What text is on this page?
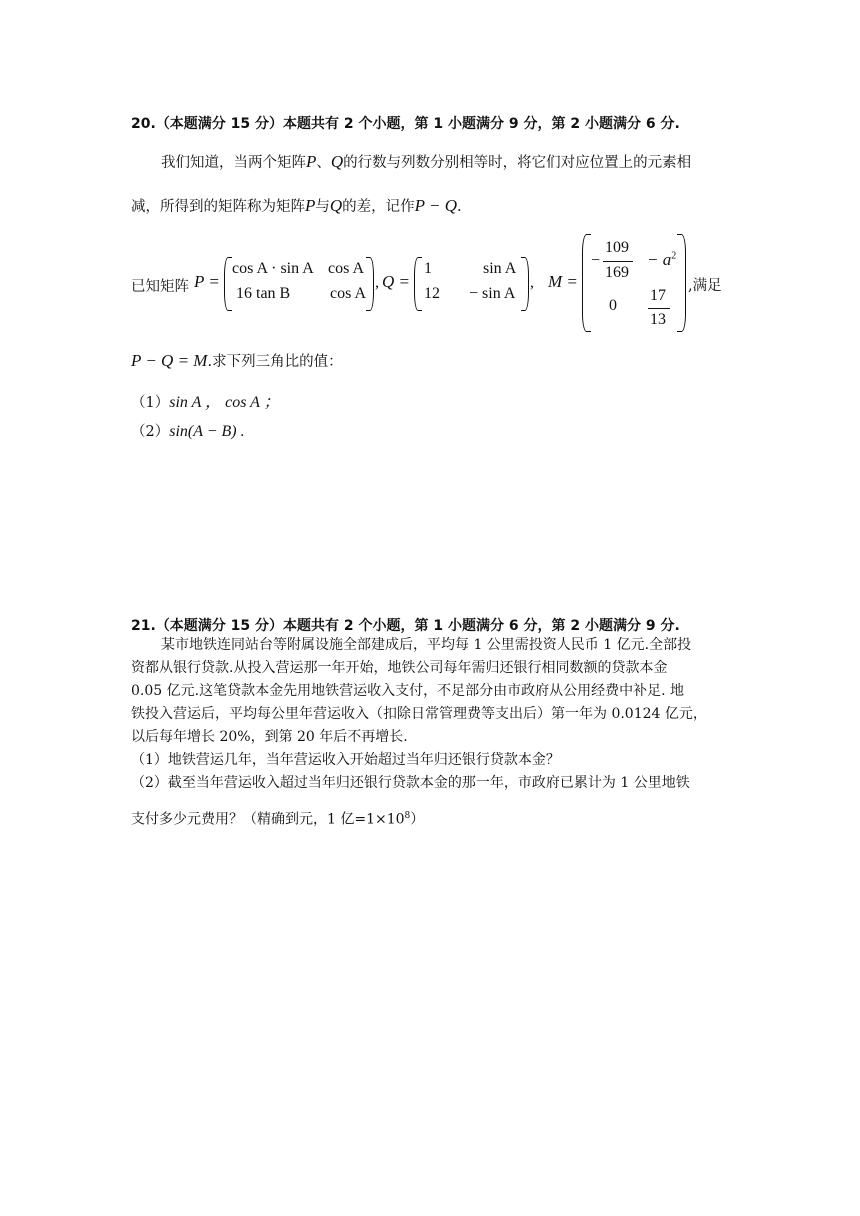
20.（本题满分 15 分）本题共有 2 个小题，第 1 小题满分 9 分，第 2 小题满分 6 分.
我们知道，当两个矩阵P、Q的行数与列数分别相等时，将它们对应位置上的元素相
减，所得到的矩阵称为矩阵P与Q的差，记作P − Q.
已知矩阵 P =
cos A · sin A cos A
16 tan B cos A
, Q =
1	sin A
12 − sin A
, M =
−
109
169
− $a^2$
0
17
13
,满足
P − Q = M.求下列三角比的值：
（1）sin A ， cos A ；
（2）sin(A − B) .
21.（本题满分 15 分）本题共有 2 个小题，第 1 小题满分 6 分，第 2 小题满分 9 分.
某市地铁连同站台等附属设施全部建成后，平均每 1 公里需投资人民币 1 亿元.全部投
资都从银行贷款.从投入营运那一年开始，地铁公司每年需归还银行相同数额的贷款本金
0.05 亿元.这笔贷款本金先用地铁营运收入支付，不足部分由市政府从公用经费中补足. 地
铁投入营运后，平均每公里年营运收入（扣除日常管理费等支出后）第一年为 0.0124 亿元，
以后每年增长 20%，到第 20 年后不再增长.
（1）地铁营运几年，当年营运收入开始超过当年归还银行贷款本金？
（2）截至当年营运收入超过当年归还银行贷款本金的那一年，市政府已累计为 1 公里地铁
支付多少元费用？（精确到元，1 亿$=1\times 10^8$）
